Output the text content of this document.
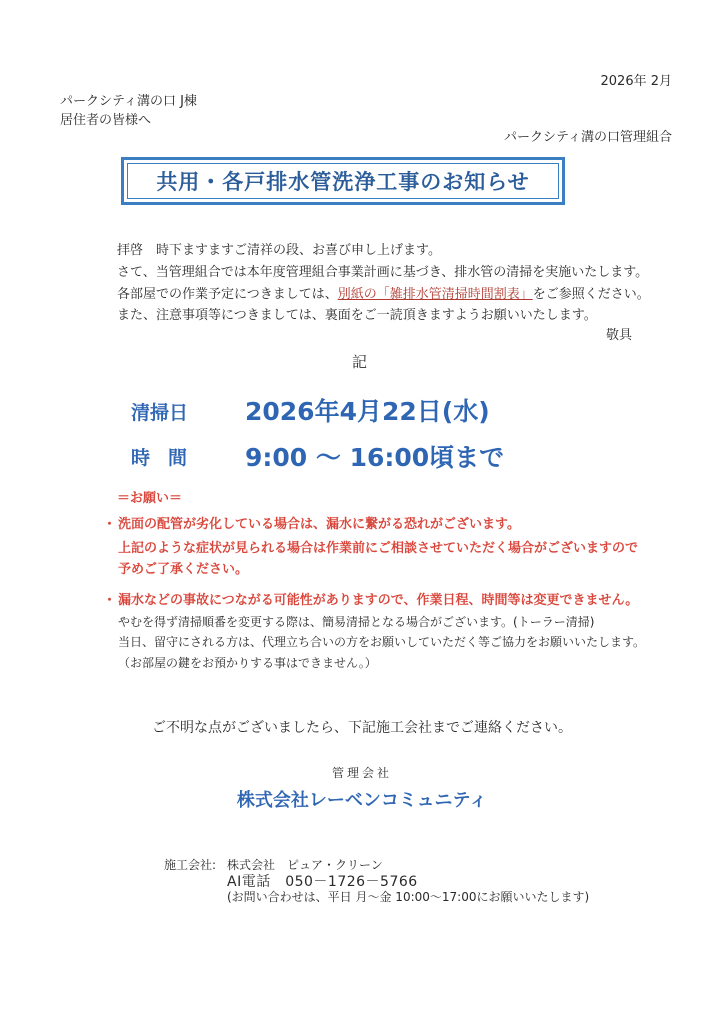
2026年 2月
パークシティ溝の口 J棟
居住者の皆様へ
パークシティ溝の口管理組合
共用・各戸排水管洗浄工事のお知らせ
拝啓　時下ますますご清祥の段、お喜び申し上げます。
さて、当管理組合では本年度管理組合事業計画に基づき、排水管の清掃を実施いたします。
各部屋での作業予定につきましては、別紙の「雑排水管清掃時間割表」をご参照ください。
また、注意事項等につきましては、裏面をご一読頂きますようお願いいたします。
敬具
記
清掃日 2026年4月22日(水)
時間 9:00 ～ 16:00頃まで
＝お願い＝
・ 洗面の配管が劣化している場合は、漏水に繋がる恐れがございます。
上記のような症状が見られる場合は作業前にご相談させていただく場合がございますので
予めご了承ください。
・ 漏水などの事故につながる可能性がありますので、作業日程、時間等は変更できません。
やむを得ず清掃順番を変更する際は、簡易清掃となる場合がございます。(トーラー清掃)
当日、留守にされる方は、代理立ち合いの方をお願いしていただく等ご協力をお願いいたします。
（お部屋の鍵をお預かりする事はできません。）
ご不明な点がございましたら、下記施工会社までご連絡ください。
管理会社
株式会社レーベンコミュニティ
施工会社: 株式会社　ピュア・クリーン
AI電話　050－1726－5766
(お問い合わせは、平日 月～金 10:00～17:00にお願いいたします)
